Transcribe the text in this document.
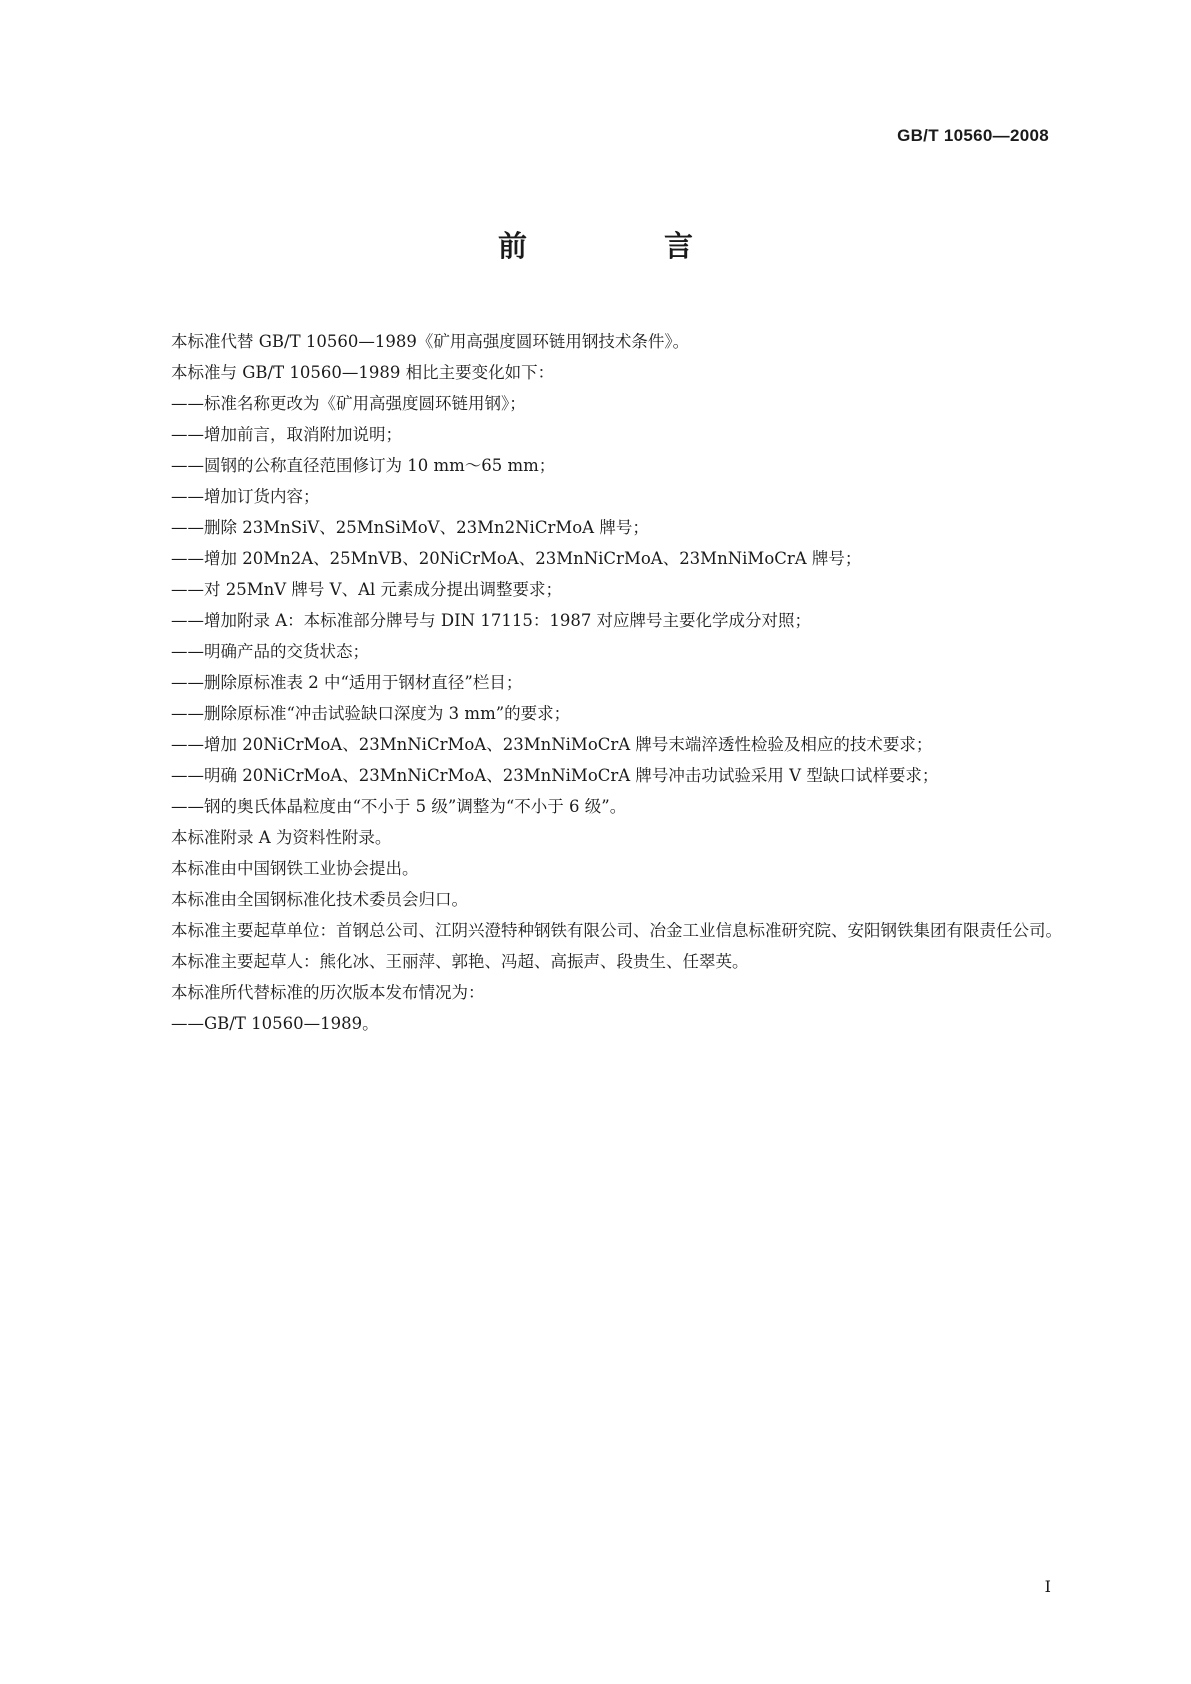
GB/T 10560—2008
前　言

本标准代替 GB/T 10560—1989《矿用高强度圆环链用钢技术条件》。

本标准与 GB/T 10560—1989 相比主要变化如下：

——标准名称更改为《矿用高强度圆环链用钢》；

——增加前言，取消附加说明；

——圆钢的公称直径范围修订为 10 mm～65 mm；

——增加订货内容；

——删除 23MnSiV、25MnSiMoV、23Mn2NiCrMoA 牌号；

——增加 20Mn2A、25MnVB、20NiCrMoA、23MnNiCrMoA、23MnNiMoCrA 牌号；

——对 25MnV 牌号 V、Al 元素成分提出调整要求；

——增加附录 A：本标准部分牌号与 DIN 17115：1987 对应牌号主要化学成分对照；

——明确产品的交货状态；

——删除原标准表 2 中“适用于钢材直径”栏目；

——删除原标准“冲击试验缺口深度为 3 mm”的要求；

——增加 20NiCrMoA、23MnNiCrMoA、23MnNiMoCrA 牌号末端淬透性检验及相应的技术要求；

——明确 20NiCrMoA、23MnNiCrMoA、23MnNiMoCrA 牌号冲击功试验采用 V 型缺口试样要求；

——钢的奥氏体晶粒度由“不小于 5 级”调整为“不小于 6 级”。

本标准附录 A 为资料性附录。

本标准由中国钢铁工业协会提出。

本标准由全国钢标准化技术委员会归口。

本标准主要起草单位：首钢总公司、江阴兴澄特种钢铁有限公司、冶金工业信息标准研究院、安阳钢铁集团有限责任公司。

本标准主要起草人：熊化冰、王丽萍、郭艳、冯超、高振声、段贵生、任翠英。

本标准所代替标准的历次版本发布情况为：

——GB/T 10560—1989。

I
